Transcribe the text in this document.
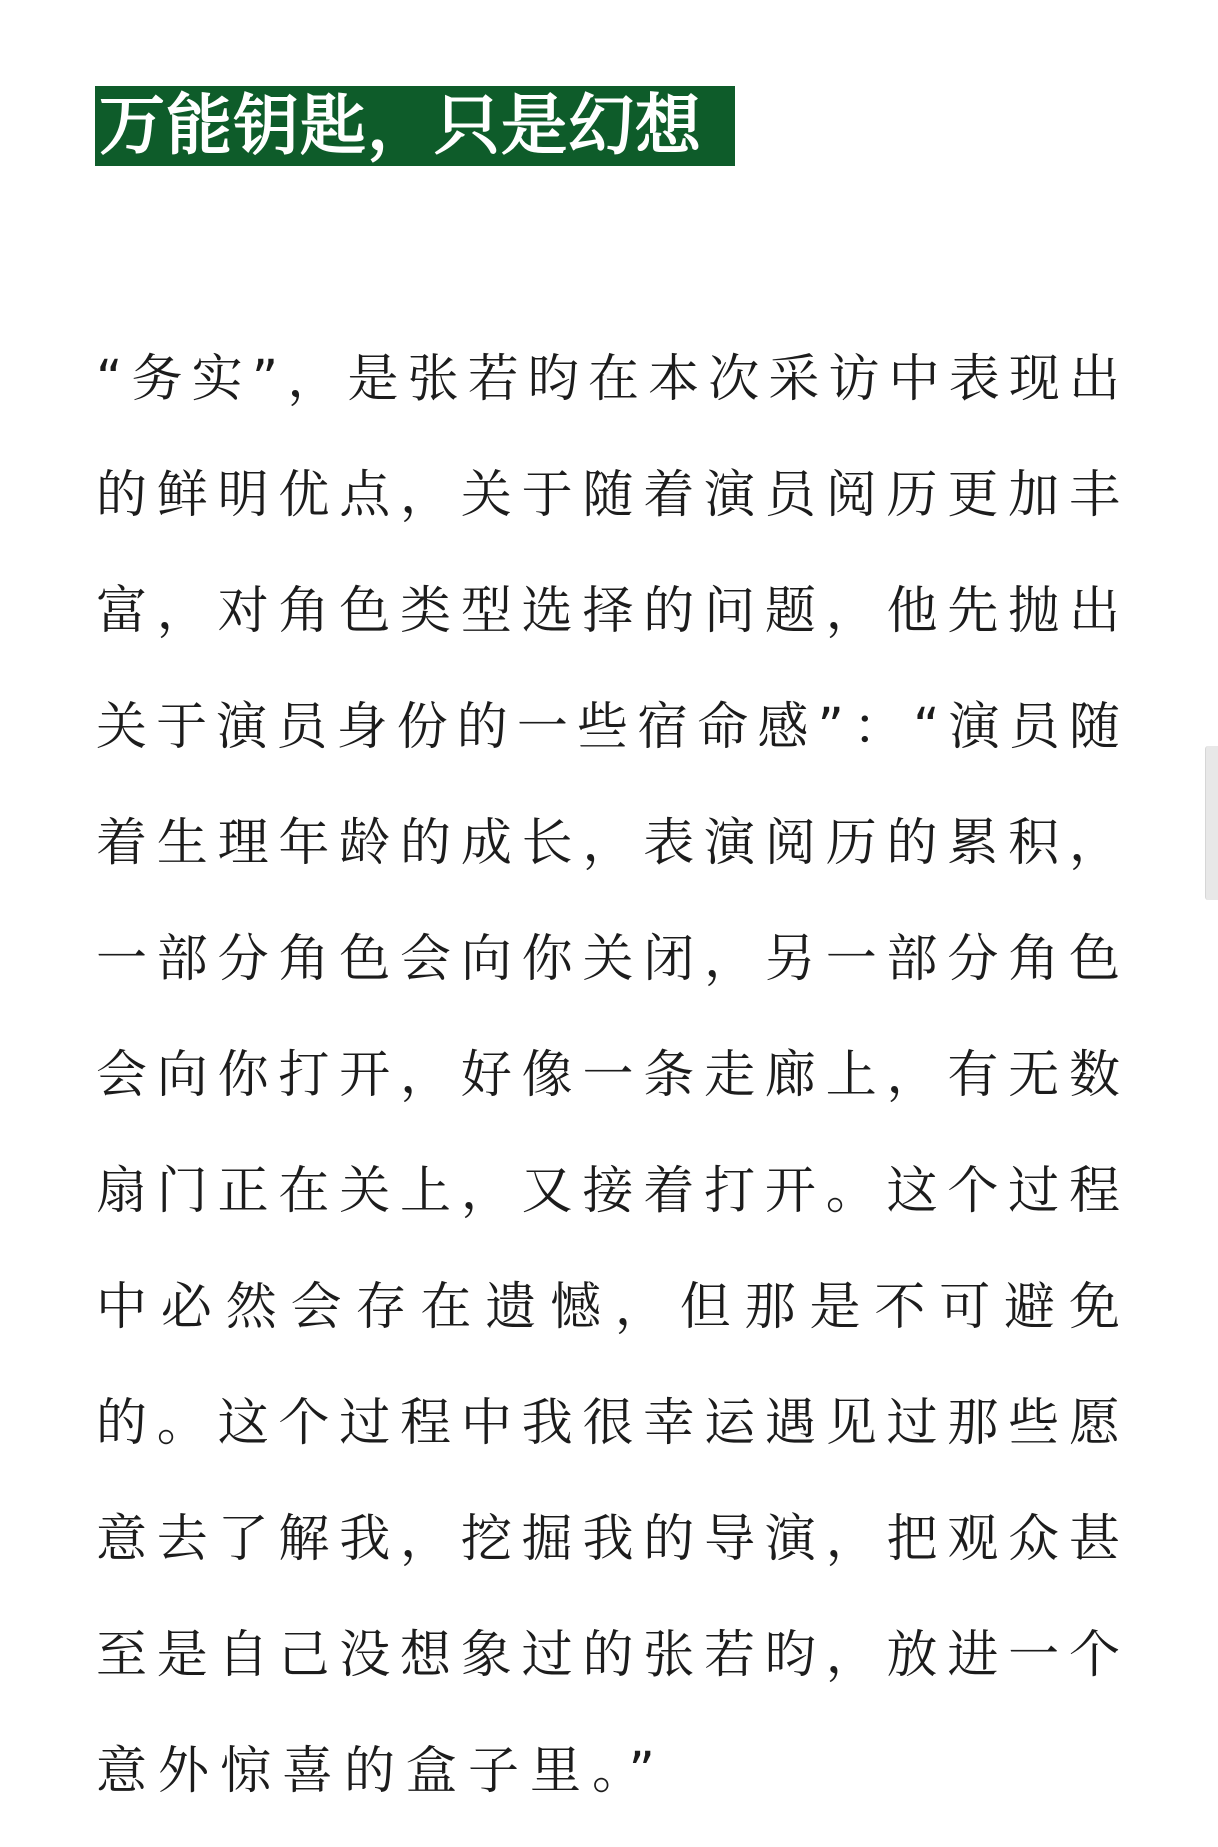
万能钥匙，只是幻想
“务实”，是张若昀在本次采访中表现出
的鲜明优点，关于随着演员阅历更加丰
富，对角色类型选择的问题，他先抛出
关于演员身份的一些宿命感”：“演员随
着生理年龄的成长，表演阅历的累积，
一部分角色会向你关闭，另一部分角色
会向你打开，好像一条走廊上，有无数
扇门正在关上，又接着打开。这个过程
中必然会存在遗憾，但那是不可避免
的。这个过程中我很幸运遇见过那些愿
意去了解我，挖掘我的导演，把观众甚
至是自己没想象过的张若昀，放进一个
意外惊喜的盒子里。”
